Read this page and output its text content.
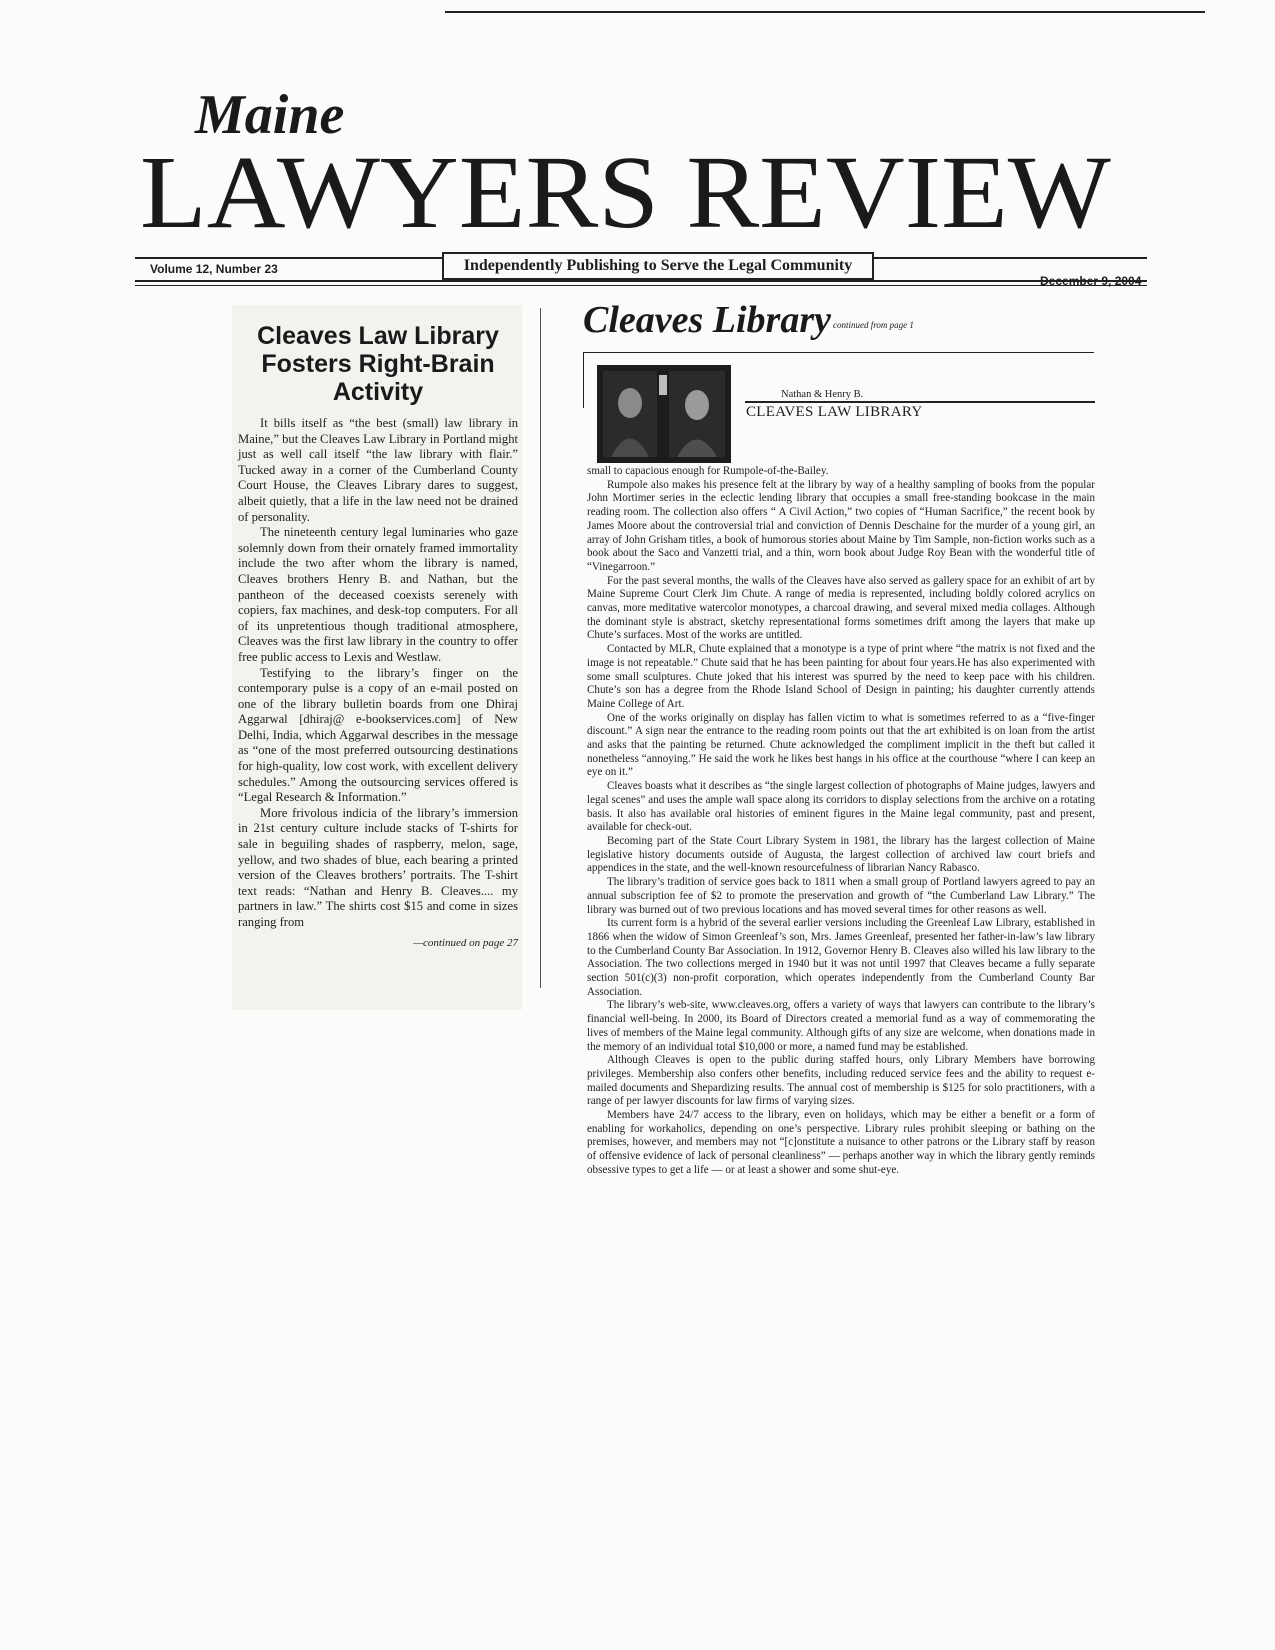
Maine
LAWYERS REVIEW
Volume 12, Number 23	Independently Publishing to Serve the Legal Community
December 9, 2004
Cleaves Law Library Fosters Right-Brain Activity

It bills itself as “the best (small) law library in Maine,” but the Cleaves Law Library in Portland might just as well call itself “the law library with flair.” Tucked away in a corner of the Cumberland County Court House, the Cleaves Library dares to suggest, albeit quietly, that a life in the law need not be drained of personality.

The nineteenth century legal luminaries who gaze solemnly down from their ornately framed immortality include the two after whom the library is named, Cleaves brothers Henry B. and Nathan, but the pantheon of the deceased coexists serenely with copiers, fax machines, and desk-top computers. For all of its unpretentious though traditional atmosphere, Cleaves was the first law library in the country to offer free public access to Lexis and Westlaw.

Testifying to the library’s finger on the contemporary pulse is a copy of an e-mail posted on one of the library bulletin boards from one Dhiraj Aggarwal [dhiraj@ e-bookservices.com] of New Delhi, India, which Aggarwal describes in the message as “one of the most preferred outsourcing destinations for high-quality, low cost work, with excellent delivery schedules.” Among the outsourcing services offered is “Legal Research & Information.”

More frivolous indicia of the library’s immersion in 21st century culture include stacks of T-shirts for sale in beguiling shades of raspberry, melon, sage, yellow, and two shades of blue, each bearing a printed version of the Cleaves brothers’ portraits. The T-shirt text reads: “Nathan and Henry B. Cleaves.... my partners in law.” The shirts cost $15 and come in sizes ranging from

—continued on page 27
Cleaves Library continued from page 1
Nathan & Henry B.
CLEAVES LAW LIBRARY

small to capacious enough for Rumpole-of-the-Bailey.

Rumpole also makes his presence felt at the library by way of a healthy sampling of books from the popular John Mortimer series in the eclectic lending library that occupies a small free-standing bookcase in the main reading room. The collection also offers “ A Civil Action,” two copies of “Human Sacrifice,” the recent book by James Moore about the controversial trial and conviction of Dennis Deschaine for the murder of a young girl, an array of John Grisham titles, a book of humorous stories about Maine by Tim Sample, non-fiction works such as a book about the Saco and Vanzetti trial, and a thin, worn book about Judge Roy Bean with the wonderful title of “Vinegarroon.”

For the past several months, the walls of the Cleaves have also served as gallery space for an exhibit of art by Maine Supreme Court Clerk Jim Chute. A range of media is represented, including boldly colored acrylics on canvas, more meditative watercolor monotypes, a charcoal drawing, and several mixed media collages. Although the dominant style is abstract, sketchy representational forms sometimes drift among the layers that make up Chute’s surfaces. Most of the works are untitled.

Contacted by MLR, Chute explained that a monotype is a type of print where “the matrix is not fixed and the image is not repeatable.” Chute said that he has been painting for about four years.He has also experimented with some small sculptures. Chute joked that his interest was spurred by the need to keep pace with his children. Chute’s son has a degree from the Rhode Island School of Design in painting; his daughter currently attends Maine College of Art.

One of the works originally on display has fallen victim to what is sometimes referred to as a “five-finger discount.” A sign near the entrance to the reading room points out that the art exhibited is on loan from the artist and asks that the painting be returned. Chute acknowledged the compliment implicit in the theft but called it nonetheless “annoying.” He said the work he likes best hangs in his office at the courthouse “where I can keep an eye on it.”

Cleaves boasts what it describes as “the single largest collection of photographs of Maine judges, lawyers and legal scenes” and uses the ample wall space along its corridors to display selections from the archive on a rotating basis. It also has available oral histories of eminent figures in the Maine legal community, past and present, available for check-out.

Becoming part of the State Court Library System in 1981, the library has the largest collection of Maine legislative history documents outside of Augusta, the largest collection of archived law court briefs and appendices in the state, and the well-known resourcefulness of librarian Nancy Rabasco.

The library’s tradition of service goes back to 1811 when a small group of Portland lawyers agreed to pay an annual subscription fee of $2 to promote the preservation and growth of “the Cumberland Law Library.” The library was burned out of two previous locations and has moved several times for other reasons as well.

Its current form is a hybrid of the several earlier versions including the Greenleaf Law Library, established in 1866 when the widow of Simon Greenleaf’s son, Mrs. James Greenleaf, presented her father-in-law’s law library to the Cumberland County Bar Association. In 1912, Governor Henry B. Cleaves also willed his law library to the Association. The two collections merged in 1940 but it was not until 1997 that Cleaves became a fully separate section 501(c)(3) non-profit corporation, which operates independently from the Cumberland County Bar Association.

The library’s web-site, www.cleaves.org, offers a variety of ways that lawyers can contribute to the library’s financial well-being. In 2000, its Board of Directors created a memorial fund as a way of commemorating the lives of members of the Maine legal community. Although gifts of any size are welcome, when donations made in the memory of an individual total $10,000 or more, a named fund may be established.

Although Cleaves is open to the public during staffed hours, only Library Members have borrowing privileges. Membership also confers other benefits, including reduced service fees and the ability to request e-mailed documents and Shepardizing results. The annual cost of membership is $125 for solo practitioners, with a range of per lawyer discounts for law firms of varying sizes.

Members have 24/7 access to the library, even on holidays, which may be either a benefit or a form of enabling for workaholics, depending on one’s perspective. Library rules prohibit sleeping or bathing on the premises, however, and members may not “[c]onstitute a nuisance to other patrons or the Library staff by reason of offensive evidence of lack of personal cleanliness” — perhaps another way in which the library gently reminds obsessive types to get a life — or at least a shower and some shut-eye.
